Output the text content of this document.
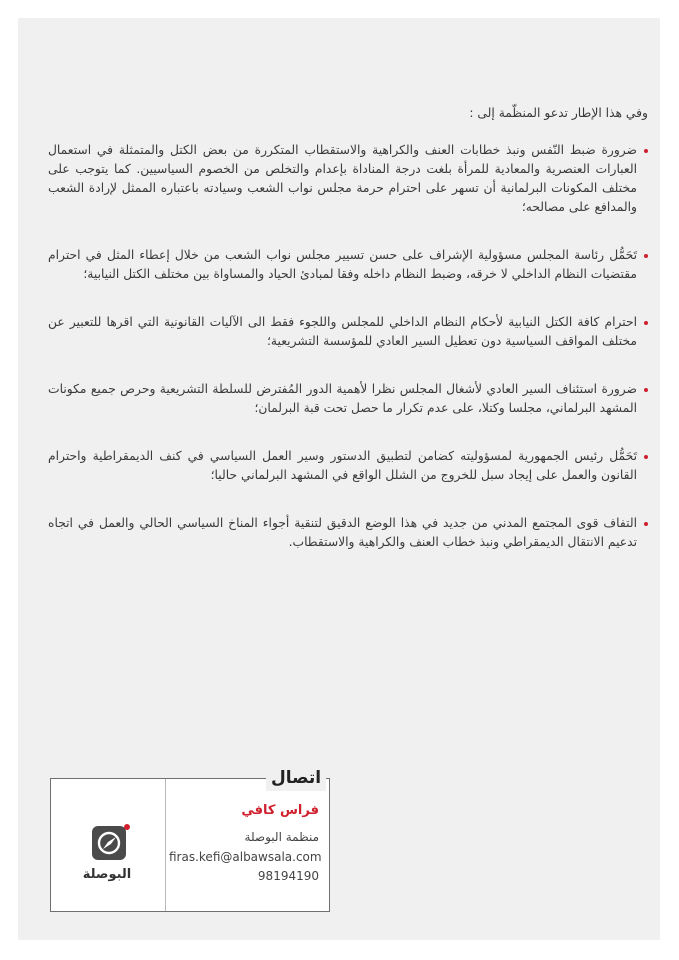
وفي هذا الإطار تدعو المنظّمة إلى :

ضرورة ضبط النّفس ونبذ خطابات العنف والكراهية والاستقطاب المتكررة من بعض الكتل والمتمثلة في استعمال العبارات العنصرية والمعادية للمرأة بلغت درجة المناداة بإعدام والتخلص من الخصوم السياسيين. كما يتوجب على مختلف المكونات البرلمانية أن تسهر على احترام حرمة مجلس نواب الشعب وسيادته باعتباره الممثل لإرادة الشعب والمدافع على مصالحه؛
تَحَمُّل رئاسة المجلس مسؤولية الإشراف على حسن تسيير مجلس نواب الشعب من خلال إعطاء المثل في احترام مقتضيات النظام الداخلي لا خرقه، وضبط النظام داخله وفقا لمبادئ الحياد والمساواة بين مختلف الكتل النيابية؛
احترام كافة الكتل النيابية لأحكام النظام الداخلي للمجلس واللجوء فقط الى الآليات القانونية التي اقرها للتعبير عن مختلف المواقف السياسية دون تعطيل السير العادي للمؤسسة التشريعية؛
ضرورة استئناف السير العادي لأشغال المجلس نظرا لأهمية الدور المُفترض للسلطة التشريعية وحرص جميع مكونات المشهد البرلماني، مجلسا وكتلا، على عدم تكرار ما حصل تحت قبة البرلمان؛
تَحَمُّل رئيس الجمهورية لمسؤوليته كضامن لتطبيق الدستور وسير العمل السياسي في كنف الديمقراطية واحترام القانون والعمل على إيجاد سبل للخروج من الشلل الواقع في المشهد البرلماني حاليا؛
التفاف قوى المجتمع المدني من جديد في هذا الوضع الدقيق لتنقية أجواء المناخ السياسي الحالي والعمل في اتجاه تدعيم الانتقال الديمقراطي ونبذ خطاب العنف والكراهية والاستقطاب.
البوصلة
فراس كافي
منظمة البوصلة
firas.kefi@albawsala.com
98194190
اتصال
